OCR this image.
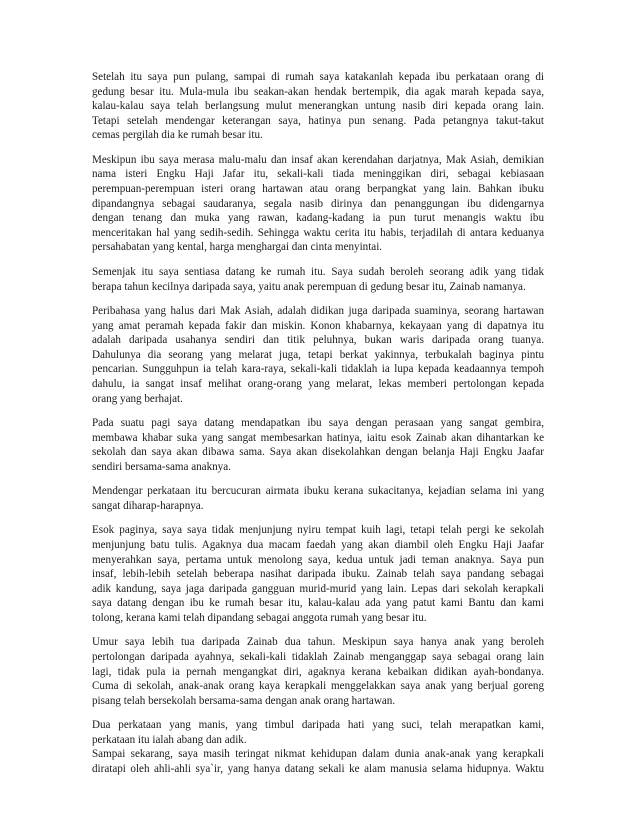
Setelah itu saya pun pulang, sampai di rumah saya katakanlah kepada ibu perkataan orang di
gedung besar itu. Mula-mula ibu seakan-akan hendak bertempik, dia agak marah kepada saya,
kalau-kalau saya telah berlangsung mulut menerangkan untung nasib diri kepada orang lain.
Tetapi setelah mendengar keterangan saya, hatinya pun senang. Pada petangnya takut-takut
cemas pergilah dia ke rumah besar itu.
Meskipun ibu saya merasa malu-malu dan insaf akan kerendahan darjatnya, Mak Asiah, demikian
nama isteri Engku Haji Jafar itu, sekali-kali tiada meninggikan diri, sebagai kebiasaan
perempuan-perempuan isteri orang hartawan atau orang berpangkat yang lain. Bahkan ibuku
dipandangnya sebagai saudaranya, segala nasib dirinya dan penanggungan ibu didengarnya
dengan tenang dan muka yang rawan, kadang-kadang ia pun turut menangis waktu ibu
menceritakan hal yang sedih-sedih. Sehingga waktu cerita itu habis, terjadilah di antara keduanya
persahabatan yang kental, harga menghargai dan cinta menyintai.
Semenjak itu saya sentiasa datang ke rumah itu. Saya sudah beroleh seorang adik yang tidak
berapa tahun kecilnya daripada saya, yaitu anak perempuan di gedung besar itu, Zainab namanya.
Peribahasa yang halus dari Mak Asiah, adalah didikan juga daripada suaminya, seorang hartawan
yang amat peramah kepada fakir dan miskin. Konon khabarnya, kekayaan yang di dapatnya itu
adalah daripada usahanya sendiri dan titik peluhnya, bukan waris daripada orang tuanya.
Dahulunya dia seorang yang melarat juga, tetapi berkat yakinnya, terbukalah baginya pintu
pencarian. Sungguhpun ia telah kara-raya, sekali-kali tidaklah ia lupa kepada keadaannya tempoh
dahulu, ia sangat insaf melihat orang-orang yang melarat, lekas memberi pertolongan kepada
orang yang berhajat.
Pada suatu pagi saya datang mendapatkan ibu saya dengan perasaan yang sangat gembira,
membawa khabar suka yang sangat membesarkan hatinya, iaitu esok Zainab akan dihantarkan ke
sekolah dan saya akan dibawa sama. Saya akan disekolahkan dengan belanja Haji Engku Jaafar
sendiri bersama-sama anaknya.
Mendengar perkataan itu bercucuran airmata ibuku kerana sukacitanya, kejadian selama ini yang
sangat diharap-harapnya.
Esok paginya, saya saya tidak menjunjung nyiru tempat kuih lagi, tetapi telah pergi ke sekolah
menjunjung batu tulis. Agaknya dua macam faedah yang akan diambil oleh Engku Haji Jaafar
menyerahkan saya, pertama untuk menolong saya, kedua untuk jadi teman anaknya. Saya pun
insaf, lebih-lebih setelah beberapa nasihat daripada ibuku. Zainab telah saya pandang sebagai
adik kandung, saya jaga daripada gangguan murid-murid yang lain. Lepas dari sekolah kerapkali
saya datang dengan ibu ke rumah besar itu, kalau-kalau ada yang patut kami Bantu dan kami
tolong, kerana kami telah dipandang sebagai anggota rumah yang besar itu.
Umur saya lebih tua daripada Zainab dua tahun. Meskipun saya hanya anak yang beroleh
pertolongan daripada ayahnya, sekali-kali tidaklah Zainab menganggap saya sebagai orang lain
lagi, tidak pula ia pernah mengangkat diri, agaknya kerana kebaikan didikan ayah-bondanya.
Cuma di sekolah, anak-anak orang kaya kerapkali menggelakkan saya anak yang berjual goreng
pisang telah bersekolah bersama-sama dengan anak orang hartawan.
Dua perkataan yang manis, yang timbul daripada hati yang suci, telah merapatkan kami,
perkataan itu ialah abang dan adik.
Sampai sekarang, saya masih teringat nikmat kehidupan dalam dunia anak-anak yang kerapkali
diratapi oleh ahli-ahli sya`ir, yang hanya datang sekali ke alam manusia selama hidupnya. Waktu
